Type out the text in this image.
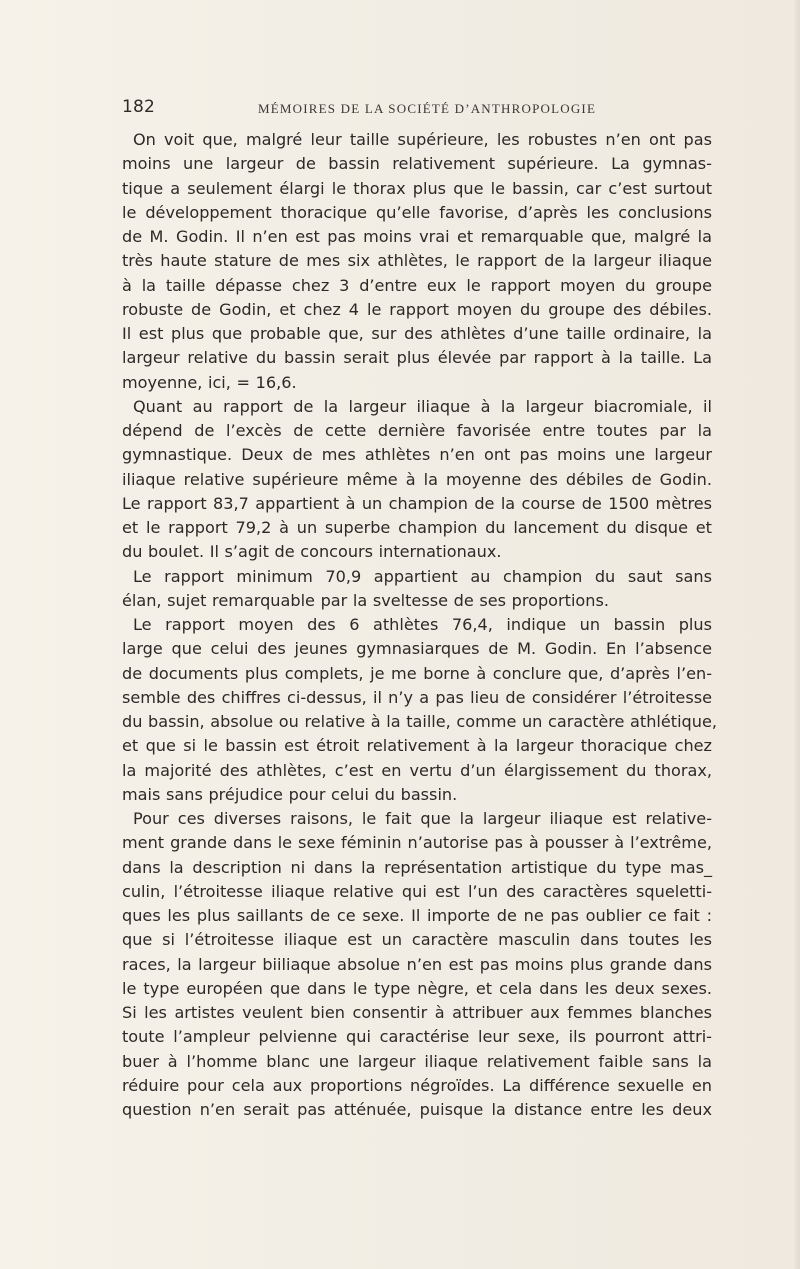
182	MÉMOIRES DE LA SOCIÉTÉ D’ANTHROPOLOGIE
On voit que, malgré leur taille supérieure, les robustes n’en ont pas
moins une largeur de bassin relativement supérieure. La gymnas-
tique a seulement élargi le thorax plus que le bassin, car c’est surtout
le développement thoracique qu’elle favorise, d’après les conclusions
de M. Godin. Il n’en est pas moins vrai et remarquable que, malgré la
très haute stature de mes six athlètes, le rapport de la largeur iliaque
à la taille dépasse chez 3 d’entre eux le rapport moyen du groupe
robuste de Godin, et chez 4 le rapport moyen du groupe des débiles.
Il est plus que probable que, sur des athlètes d’une taille ordinaire, la
largeur relative du bassin serait plus élevée par rapport à la taille. La
moyenne, ici, = 16,6.
Quant au rapport de la largeur iliaque à la largeur biacromiale, il
dépend de l’excès de cette dernière favorisée entre toutes par la
gymnastique. Deux de mes athlètes n’en ont pas moins une largeur
iliaque relative supérieure même à la moyenne des débiles de Godin.
Le rapport 83,7 appartient à un champion de la course de 1500 mètres
et le rapport 79,2 à un superbe champion du lancement du disque et
du boulet. Il s’agit de concours internationaux.
Le rapport minimum 70,9 appartient au champion du saut sans
élan, sujet remarquable par la sveltesse de ses proportions.
Le rapport moyen des 6 athlètes 76,4, indique un bassin plus
large que celui des jeunes gymnasiarques de M. Godin. En l’absence
de documents plus complets, je me borne à conclure que, d’après l’en-
semble des chiffres ci-dessus, il n’y a pas lieu de considérer l’étroitesse
du bassin, absolue ou relative à la taille, comme un caractère athlétique,
et que si le bassin est étroit relativement à la largeur thoracique chez
la majorité des athlètes, c’est en vertu d’un élargissement du thorax,
mais sans préjudice pour celui du bassin.
Pour ces diverses raisons, le fait que la largeur iliaque est relative-
ment grande dans le sexe féminin n’autorise pas à pousser à l’extrême,
dans la description ni dans la représentation artistique du type mas_
culin, l’étroitesse iliaque relative qui est l’un des caractères squeletti-
ques les plus saillants de ce sexe. Il importe de ne pas oublier ce fait :
que si l’étroitesse iliaque est un caractère masculin dans toutes les
races, la largeur biiliaque absolue n’en est pas moins plus grande dans
le type européen que dans le type nègre, et cela dans les deux sexes.
Si les artistes veulent bien consentir à attribuer aux femmes blanches
toute l’ampleur pelvienne qui caractérise leur sexe, ils pourront attri-
buer à l’homme blanc une largeur iliaque relativement faible sans la
réduire pour cela aux proportions négroïdes. La différence sexuelle en
question n’en serait pas atténuée, puisque la distance entre les deux
